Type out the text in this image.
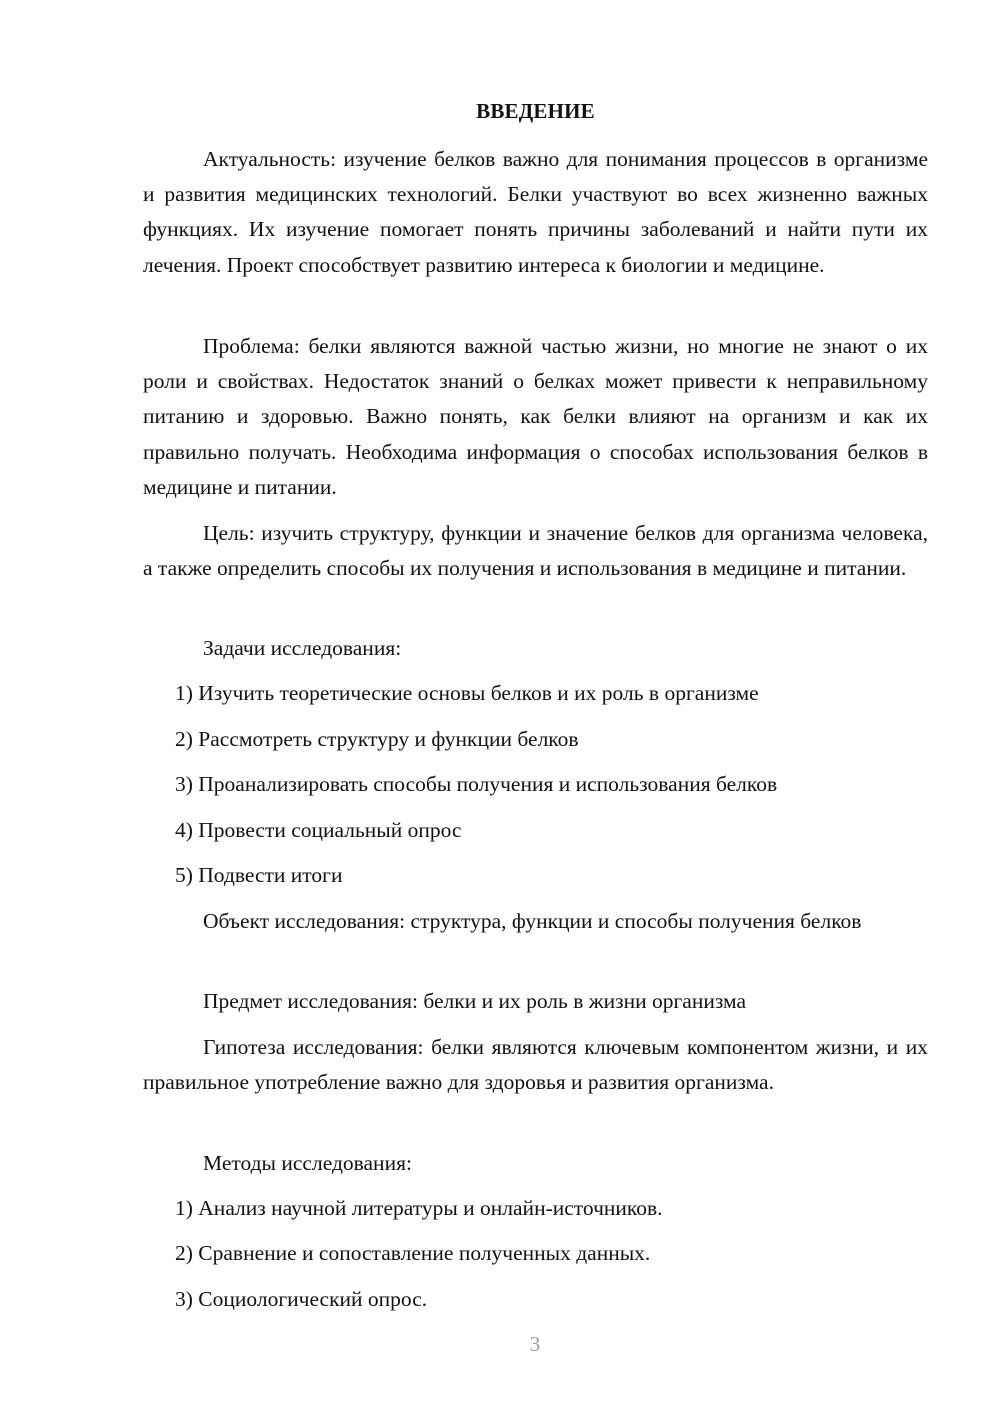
ВВЕДЕНИЕ

Актуальность: изучение белков важно для понимания процессов в организме и развития медицинских технологий. Белки участвуют во всех жизненно важных функциях. Их изучение помогает понять причины заболеваний и найти пути их лечения. Проект способствует развитию интереса к биологии и медицине.

Проблема: белки являются важной частью жизни, но многие не знают о их роли и свойствах. Недостаток знаний о белках может привести к неправильному питанию и здоровью. Важно понять, как белки влияют на организм и как их правильно получать. Необходима информация о способах использования белков в медицине и питании.

Цель: изучить структуру, функции и значение белков для организма человека, а также определить способы их получения и использования в медицине и питании.

Задачи исследования:
1) Изучить теоретические основы белков и их роль в организме
2) Рассмотреть структуру и функции белков
3) Проанализировать способы получения и использования белков
4) Провести социальный опрос
5) Подвести итоги

Объект исследования: структура, функции и способы получения белков

Предмет исследования: белки и их роль в жизни организма

Гипотеза исследования: белки являются ключевым компонентом жизни, и их правильное употребление важно для здоровья и развития организма.

Методы исследования:
1) Анализ научной литературы и онлайн-источников.
2) Сравнение и сопоставление полученных данных.
3) Социологический опрос.
3
